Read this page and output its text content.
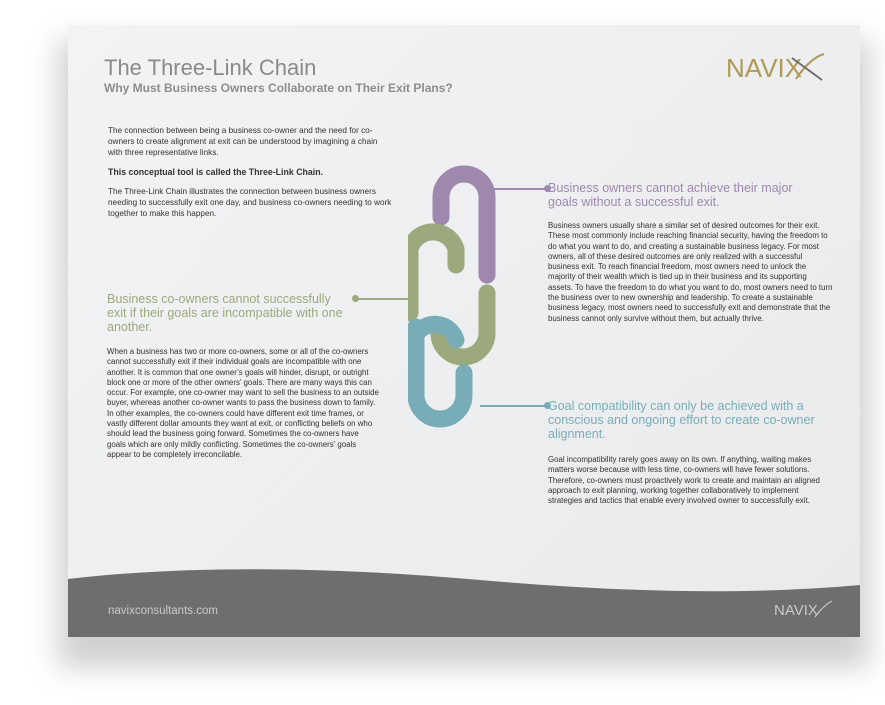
The Three-Link Chain
Why Must Business Owners Collaborate on Their Exit Plans?
NAVIX

The connection between being a business co-owner and the need for co-owners to create alignment at exit can be understood by imagining a chain with three representative links.

This conceptual tool is called the Three-Link Chain.

The Three-Link Chain illustrates the connection between business owners needing to successfully exit one day, and business co-owners needing to work together to make this happen.

Business owners cannot achieve their major goals without a successful exit.

Business owners usually share a similar set of desired outcomes for their exit. These most commonly include reaching financial security, having the freedom to do what you want to do, and creating a sustainable business legacy. For most owners, all of these desired outcomes are only realized with a successful business exit. To reach financial freedom, most owners need to unlock the majority of their wealth which is tied up in their business and its supporting assets. To have the freedom to do what you want to do, most owners need to turn the business over to new ownership and leadership. To create a sustainable business legacy, most owners need to successfully exit and demonstrate that the business cannot only survive without them, but actually thrive.

Business co-owners cannot successfully exit if their goals are incompatible with one another.

When a business has two or more co-owners, some or all of the co-owners cannot successfully exit if their individual goals are incompatible with one another. It is common that one owner’s goals will hinder, disrupt, or outright block one or more of the other owners’ goals. There are many ways this can occur. For example, one co-owner may want to sell the business to an outside buyer, whereas another co-owner wants to pass the business down to family. In other examples, the co-owners could have different exit time frames, or vastly different dollar amounts they want at exit, or conflicting beliefs on who should lead the business going forward. Sometimes the co-owners have goals which are only mildly conflicting. Sometimes the co-owners’ goals appear to be completely irreconcilable.

Goal compatibility can only be achieved with a conscious and ongoing effort to create co-owner alignment.

Goal incompatibility rarely goes away on its own. If anything, waiting makes matters worse because with less time, co-owners will have fewer solutions. Therefore, co-owners must proactively work to create and maintain an aligned approach to exit planning, working together collaboratively to implement strategies and tactics that enable every involved owner to successfully exit.

navixconsultants.com	NAVIX
